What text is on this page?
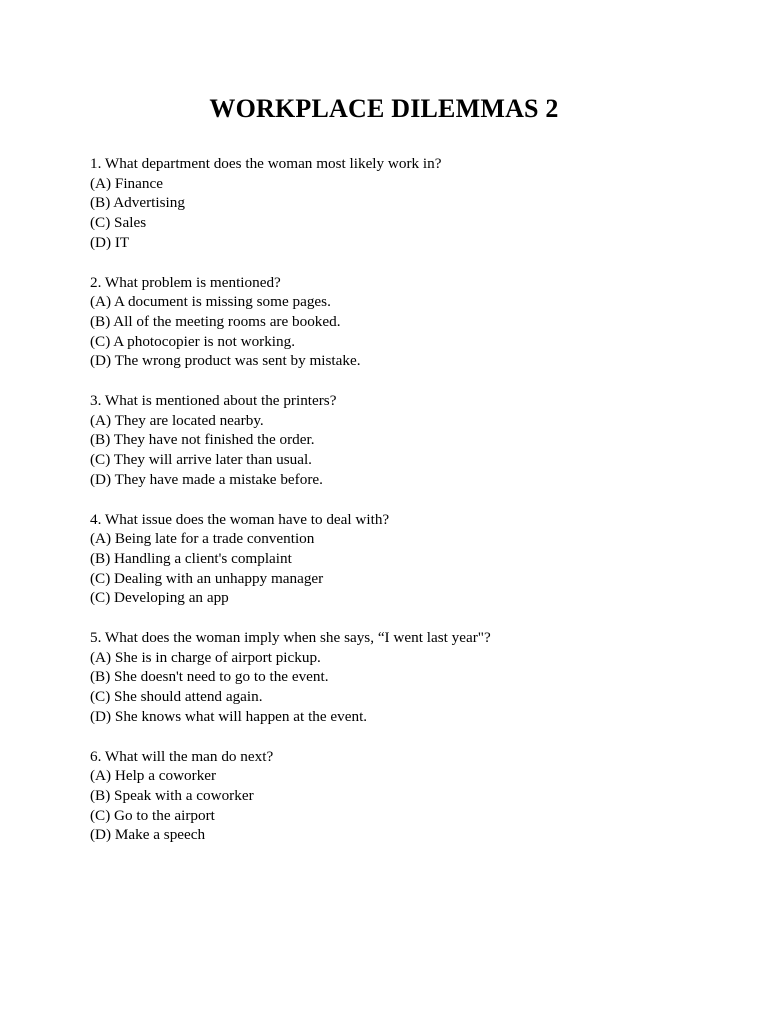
WORKPLACE DILEMMAS 2
1. What department does the woman most likely work in?
(A) Finance
(B) Advertising
(C) Sales
(D) IT
2. What problem is mentioned?
(A) A document is missing some pages.
(B) All of the meeting rooms are booked.
(C) A photocopier is not working.
(D) The wrong product was sent by mistake.
3. What is mentioned about the printers?
(A) They are located nearby.
(B) They have not finished the order.
(C) They will arrive later than usual.
(D) They have made a mistake before.
4. What issue does the woman have to deal with?
(A) Being late for a trade convention
(B) Handling a client's complaint
(C) Dealing with an unhappy manager
(C) Developing an app
5. What does the woman imply when she says, “I went last year"?
(A) She is in charge of airport pickup.
(B) She doesn't need to go to the event.
(C) She should attend again.
(D) She knows what will happen at the event.
6. What will the man do next?
(A) Help a coworker
(B) Speak with a coworker
(C) Go to the airport
(D) Make a speech
